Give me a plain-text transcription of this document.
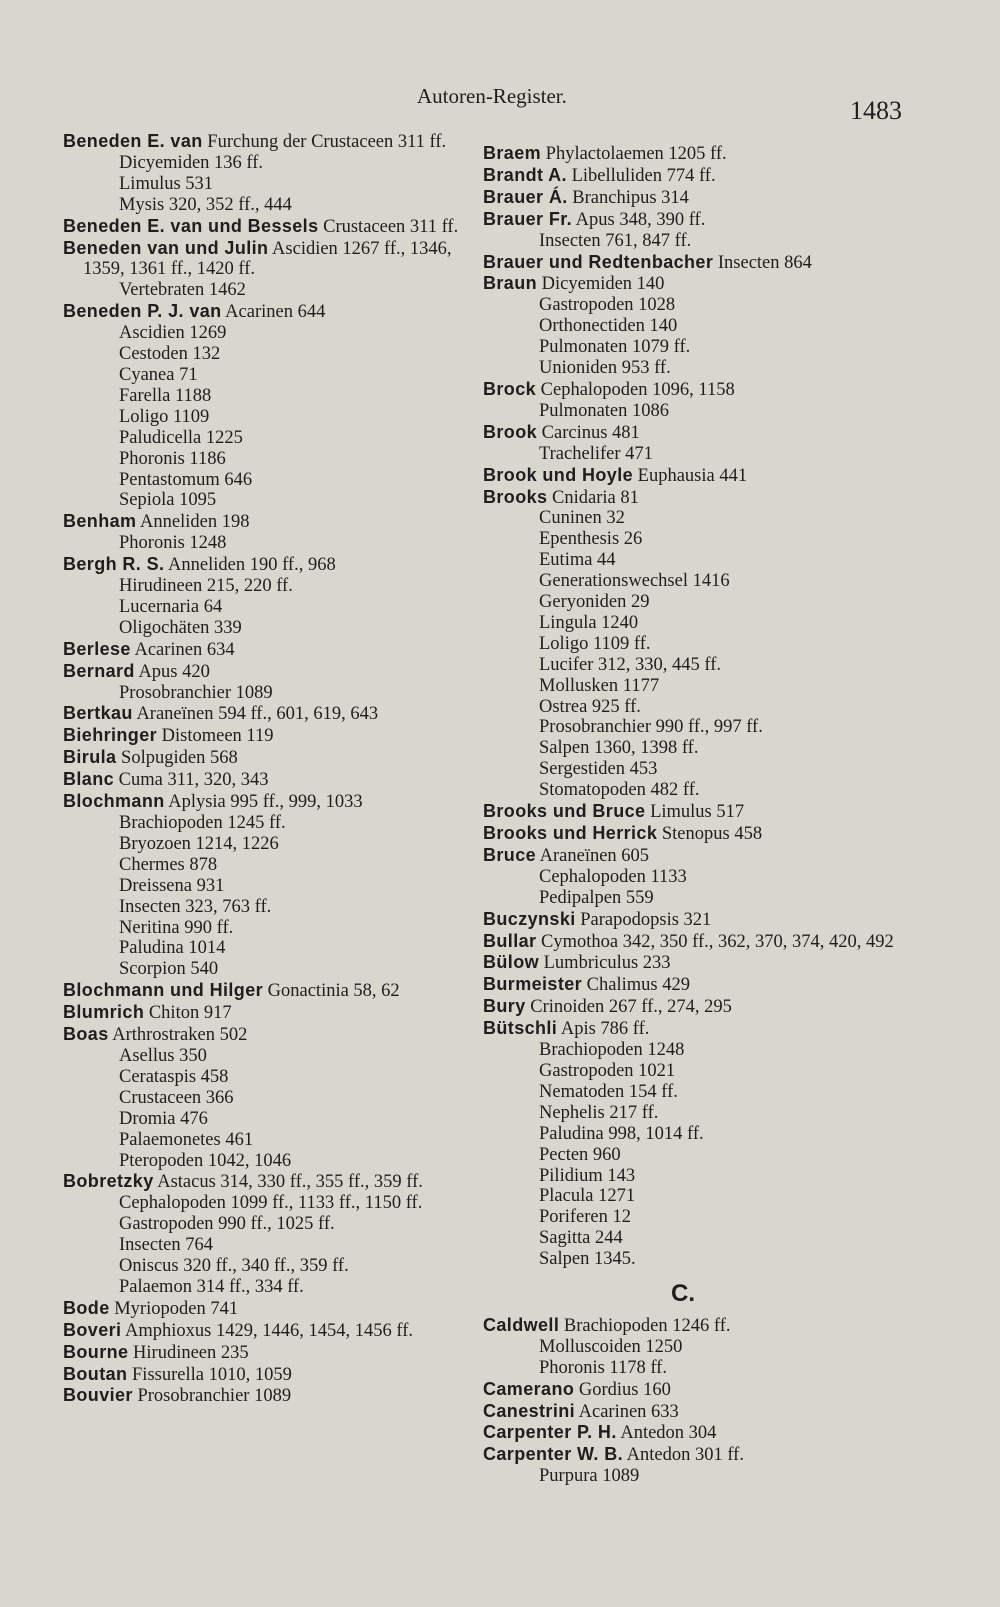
Autoren-Register.	1483
Beneden E. van Furchung der Crustaceen 311 ff.
Dicyemiden 136 ff.
Limulus 531
Mysis 320, 352 ff., 444
Beneden E. van und Bessels Crustaceen 311 ff.
Beneden van und Julin Ascidien 1267 ff., 1346, 1359, 1361 ff., 1420 ff.
Vertebraten 1462
Beneden P. J. van Acarinen 644
Ascidien 1269
Cestoden 132
Cyanea 71
Farella 1188
Loligo 1109
Paludicella 1225
Phoronis 1186
Pentastomum 646
Sepiola 1095
Benham Anneliden 198
Phoronis 1248
Bergh R. S. Anneliden 190 ff., 968
Hirudineen 215, 220 ff.
Lucernaria 64
Oligochäten 339
Berlese Acarinen 634
Bernard Apus 420
Prosobranchier 1089
Bertkau Araneïnen 594 ff., 601, 619, 643
Biehringer Distomeen 119
Birula Solpugiden 568
Blanc Cuma 311, 320, 343
Blochmann Aplysia 995 ff., 999, 1033
Brachiopoden 1245 ff.
Bryozoen 1214, 1226
Chermes 878
Dreissena 931
Insecten 323, 763 ff.
Neritina 990 ff.
Paludina 1014
Scorpion 540
Blochmann und Hilger Gonactinia 58, 62
Blumrich Chiton 917
Boas Arthrostraken 502
Asellus 350
Cerataspis 458
Crustaceen 366
Dromia 476
Palaemonetes 461
Pteropoden 1042, 1046
Bobretzky Astacus 314, 330 ff., 355 ff., 359 ff.
Cephalopoden 1099 ff., 1133 ff., 1150 ff.
Gastropoden 990 ff., 1025 ff.
Insecten 764
Oniscus 320 ff., 340 ff., 359 ff.
Palaemon 314 ff., 334 ff.
Bode Myriopoden 741
Boveri Amphioxus 1429, 1446, 1454, 1456 ff.
Bourne Hirudineen 235
Boutan Fissurella 1010, 1059
Bouvier Prosobranchier 1089
Braem Phylactolaemen 1205 ff.
Brandt A. Libelluliden 774 ff.
Brauer Á. Branchipus 314
Brauer Fr. Apus 348, 390 ff.
Insecten 761, 847 ff.
Brauer und Redtenbacher Insecten 864
Braun Dicyemiden 140
Gastropoden 1028
Orthonectiden 140
Pulmonaten 1079 ff.
Unioniden 953 ff.
Brock Cephalopoden 1096, 1158
Pulmonaten 1086
Brook Carcinus 481
Trachelifer 471
Brook und Hoyle Euphausia 441
Brooks Cnidaria 81
Cuninen 32
Epenthesis 26
Eutima 44
Generationswechsel 1416
Geryoniden 29
Lingula 1240
Loligo 1109 ff.
Lucifer 312, 330, 445 ff.
Mollusken 1177
Ostrea 925 ff.
Prosobranchier 990 ff., 997 ff.
Salpen 1360, 1398 ff.
Sergestiden 453
Stomatopoden 482 ff.
Brooks und Bruce Limulus 517
Brooks und Herrick Stenopus 458
Bruce Araneïnen 605
Cephalopoden 1133
Pedipalpen 559
Buczynski Parapodopsis 321
Bullar Cymothoa 342, 350 ff., 362, 370, 374, 420, 492
Bülow Lumbriculus 233
Burmeister Chalimus 429
Bury Crinoiden 267 ff., 274, 295
Bütschli Apis 786 ff.
Brachiopoden 1248
Gastropoden 1021
Nematoden 154 ff.
Nephelis 217 ff.
Paludina 998, 1014 ff.
Pecten 960
Pilidium 143
Placula 1271
Poriferen 12
Sagitta 244
Salpen 1345.
C.
Caldwell Brachiopoden 1246 ff.
Molluscoiden 1250
Phoronis 1178 ff.
Camerano Gordius 160
Canestrini Acarinen 633
Carpenter P. H. Antedon 304
Carpenter W. B. Antedon 301 ff.
Purpura 1089
